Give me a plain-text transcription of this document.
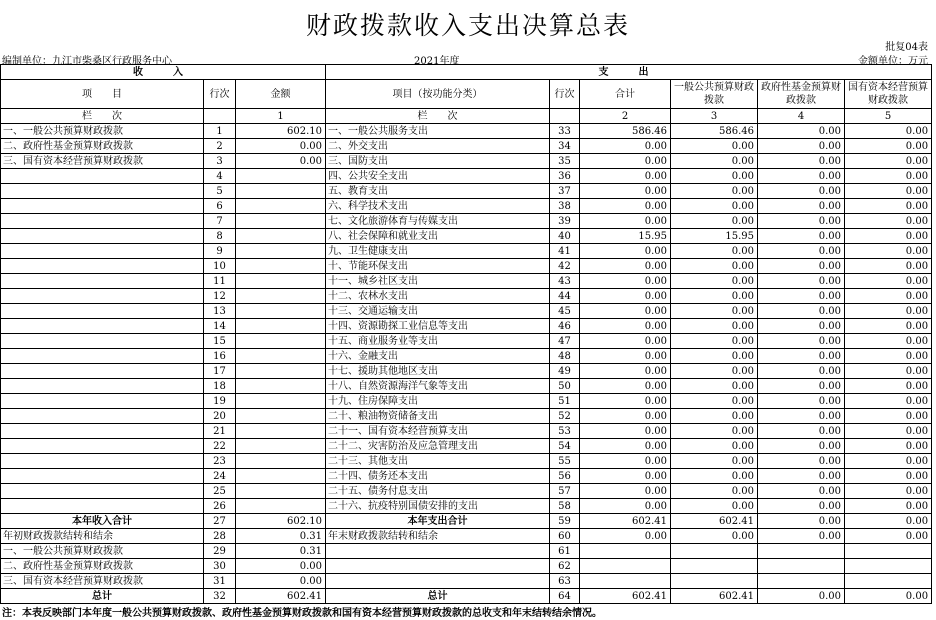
财政拨款收入支出决算总表
批复04表
编制单位：九江市柴桑区行政服务中心	2021年度	金额单位：万元
收　入			支　出					
项　　目	行次	金额	项目（按功能分类）	行次	合计	一般公共预算财政拨款	政府性基金预算财政拨款	国有资本经营预算财政拨款
栏　　次		1	栏　　次		2	3	4	5
一、一般公共预算财政拨款	1	602.10	一、一般公共服务支出	33	586.46	586.46	0.00	0.00
二、政府性基金预算财政拨款	2	0.00	二、外交支出	34	0.00	0.00	0.00	0.00
三、国有资本经营预算财政拨款	3	0.00	三、国防支出	35	0.00	0.00	0.00	0.00
	4		四、公共安全支出	36	0.00	0.00	0.00	0.00
	5		五、教育支出	37	0.00	0.00	0.00	0.00
	6		六、科学技术支出	38	0.00	0.00	0.00	0.00
	7		七、文化旅游体育与传媒支出	39	0.00	0.00	0.00	0.00
	8		八、社会保障和就业支出	40	15.95	15.95	0.00	0.00
	9		九、卫生健康支出	41	0.00	0.00	0.00	0.00
	10		十、节能环保支出	42	0.00	0.00	0.00	0.00
	11		十一、城乡社区支出	43	0.00	0.00	0.00	0.00
	12		十二、农林水支出	44	0.00	0.00	0.00	0.00
	13		十三、交通运输支出	45	0.00	0.00	0.00	0.00
	14		十四、资源勘探工业信息等支出	46	0.00	0.00	0.00	0.00
	15		十五、商业服务业等支出	47	0.00	0.00	0.00	0.00
	16		十六、金融支出	48	0.00	0.00	0.00	0.00
	17		十七、援助其他地区支出	49	0.00	0.00	0.00	0.00
	18		十八、自然资源海洋气象等支出	50	0.00	0.00	0.00	0.00
	19		十九、住房保障支出	51	0.00	0.00	0.00	0.00
	20		二十、粮油物资储备支出	52	0.00	0.00	0.00	0.00
	21		二十一、国有资本经营预算支出	53	0.00	0.00	0.00	0.00
	22		二十二、灾害防治及应急管理支出	54	0.00	0.00	0.00	0.00
	23		二十三、其他支出	55	0.00	0.00	0.00	0.00
	24		二十四、债务还本支出	56	0.00	0.00	0.00	0.00
	25		二十五、债务付息支出	57	0.00	0.00	0.00	0.00
	26		二十六、抗疫特别国债安排的支出	58	0.00	0.00	0.00	0.00
本年收入合计	27	602.10	本年支出合计	59	602.41	602.41	0.00	0.00
年初财政拨款结转和结余	28	0.31	年末财政拨款结转和结余	60	0.00	0.00	0.00	0.00
一、一般公共预算财政拨款	29	0.31		61				
二、政府性基金预算财政拨款	30	0.00		62				
三、国有资本经营预算财政拨款	31	0.00		63				
总计	32	602.41	总计	64	602.41	602.41	0.00	0.00
注：本表反映部门本年度一般公共预算财政拨款、政府性基金预算财政拨款和国有资本经营预算财政拨款的总收支和年末结转结余情况。
